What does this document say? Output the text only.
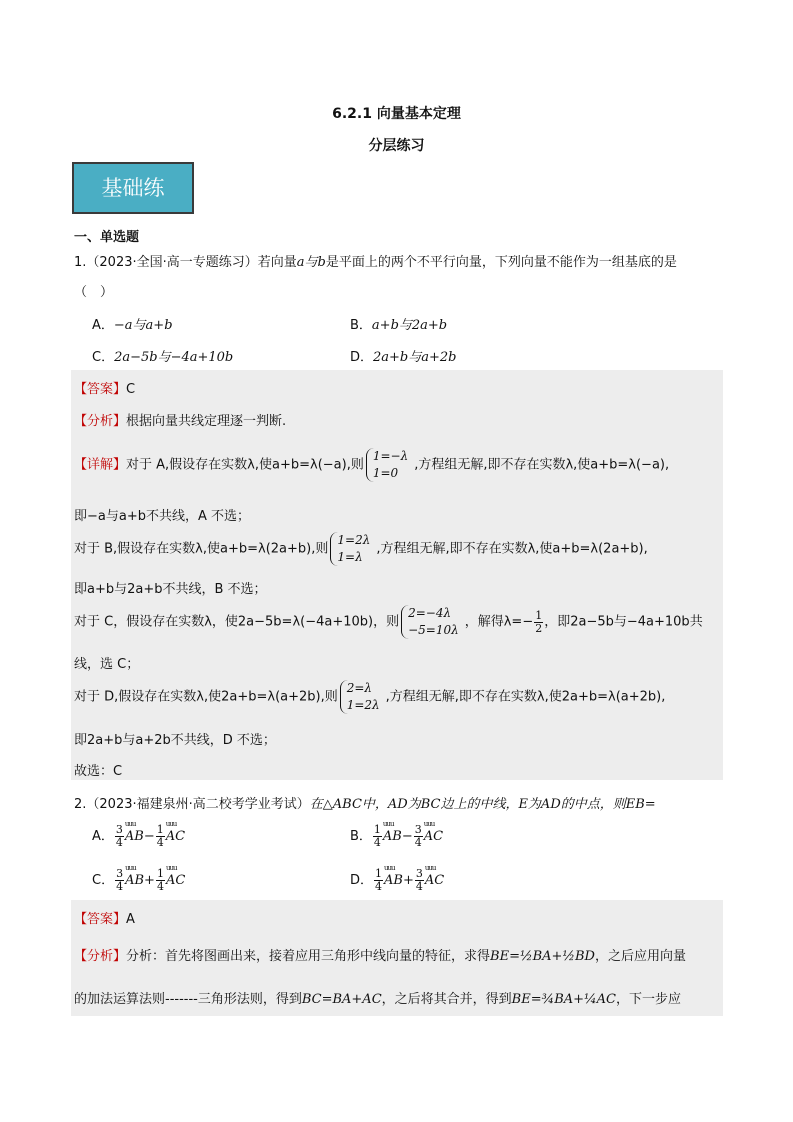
6.2.1 向量基本定理
分层练习
基础练
一、单选题
1.（2023·全国·高一专题练习）若向量a与b是平面上的两个不平行向量，下列向量不能作为一组基底的是
（　）
A．−a与a+b	B．a+b与2a+b
C．2a−5b与−4a+10b	D．2a+b与a+2b
【答案】C
【分析】根据向量共线定理逐一判断.
【详解】对于 A,假设存在实数λ,使a+b=λ(−a),则
1=−λ
1=0
,方程组无解,即不存在实数λ,使a+b=λ(−a),
即−a与a+b不共线，A 不选；
对于 B,假设存在实数λ,使a+b=λ(2a+b),则
1=2λ
1=λ
,方程组无解,即不存在实数λ,使a+b=λ(2a+b),
即a+b与2a+b不共线，B 不选；
对于 C，假设存在实数λ，使2a−5b=λ(−4a+10b)，则
2=−4λ
−5=10λ
，解得$\lambda=- \frac{1}{2}$ ，即2a−5b与−4a+10b共
线，选 C；
对于 D,假设存在实数λ,使2a+b=λ(a+2b),则
2=λ
1=2λ
,方程组无解,即不存在实数λ,使2a+b=λ(a+2b),
即2a+b与a+2b不共线，D 不选；
故选：C
2.（2023·福建泉州·高二校考学业考试）在△ABC中，AD为BC边上的中线，E为AD的中点，则EB=
A． $\frac{3}{4}$ uuu $AB- \frac{1}{4}$ uuu AC	B． $\frac{1}{4}$ uuu $AB- \frac{3}{4}$ uuu AC
C． $\frac{3}{4}$ uuu $AB+ \frac{1}{4}$ uuu AC	D． $\frac{1}{4}$ uuu $AB+ \frac{3}{4}$ uuu AC
【答案】A
【分析】分析：首先将图画出来，接着应用三角形中线向量的特征，求得BE=½BA+½BD，之后应用向量
的加法运算法则-------三角形法则，得到BC=BA+AC，之后将其合并，得到BE=¾BA+¼AC，下一步应
